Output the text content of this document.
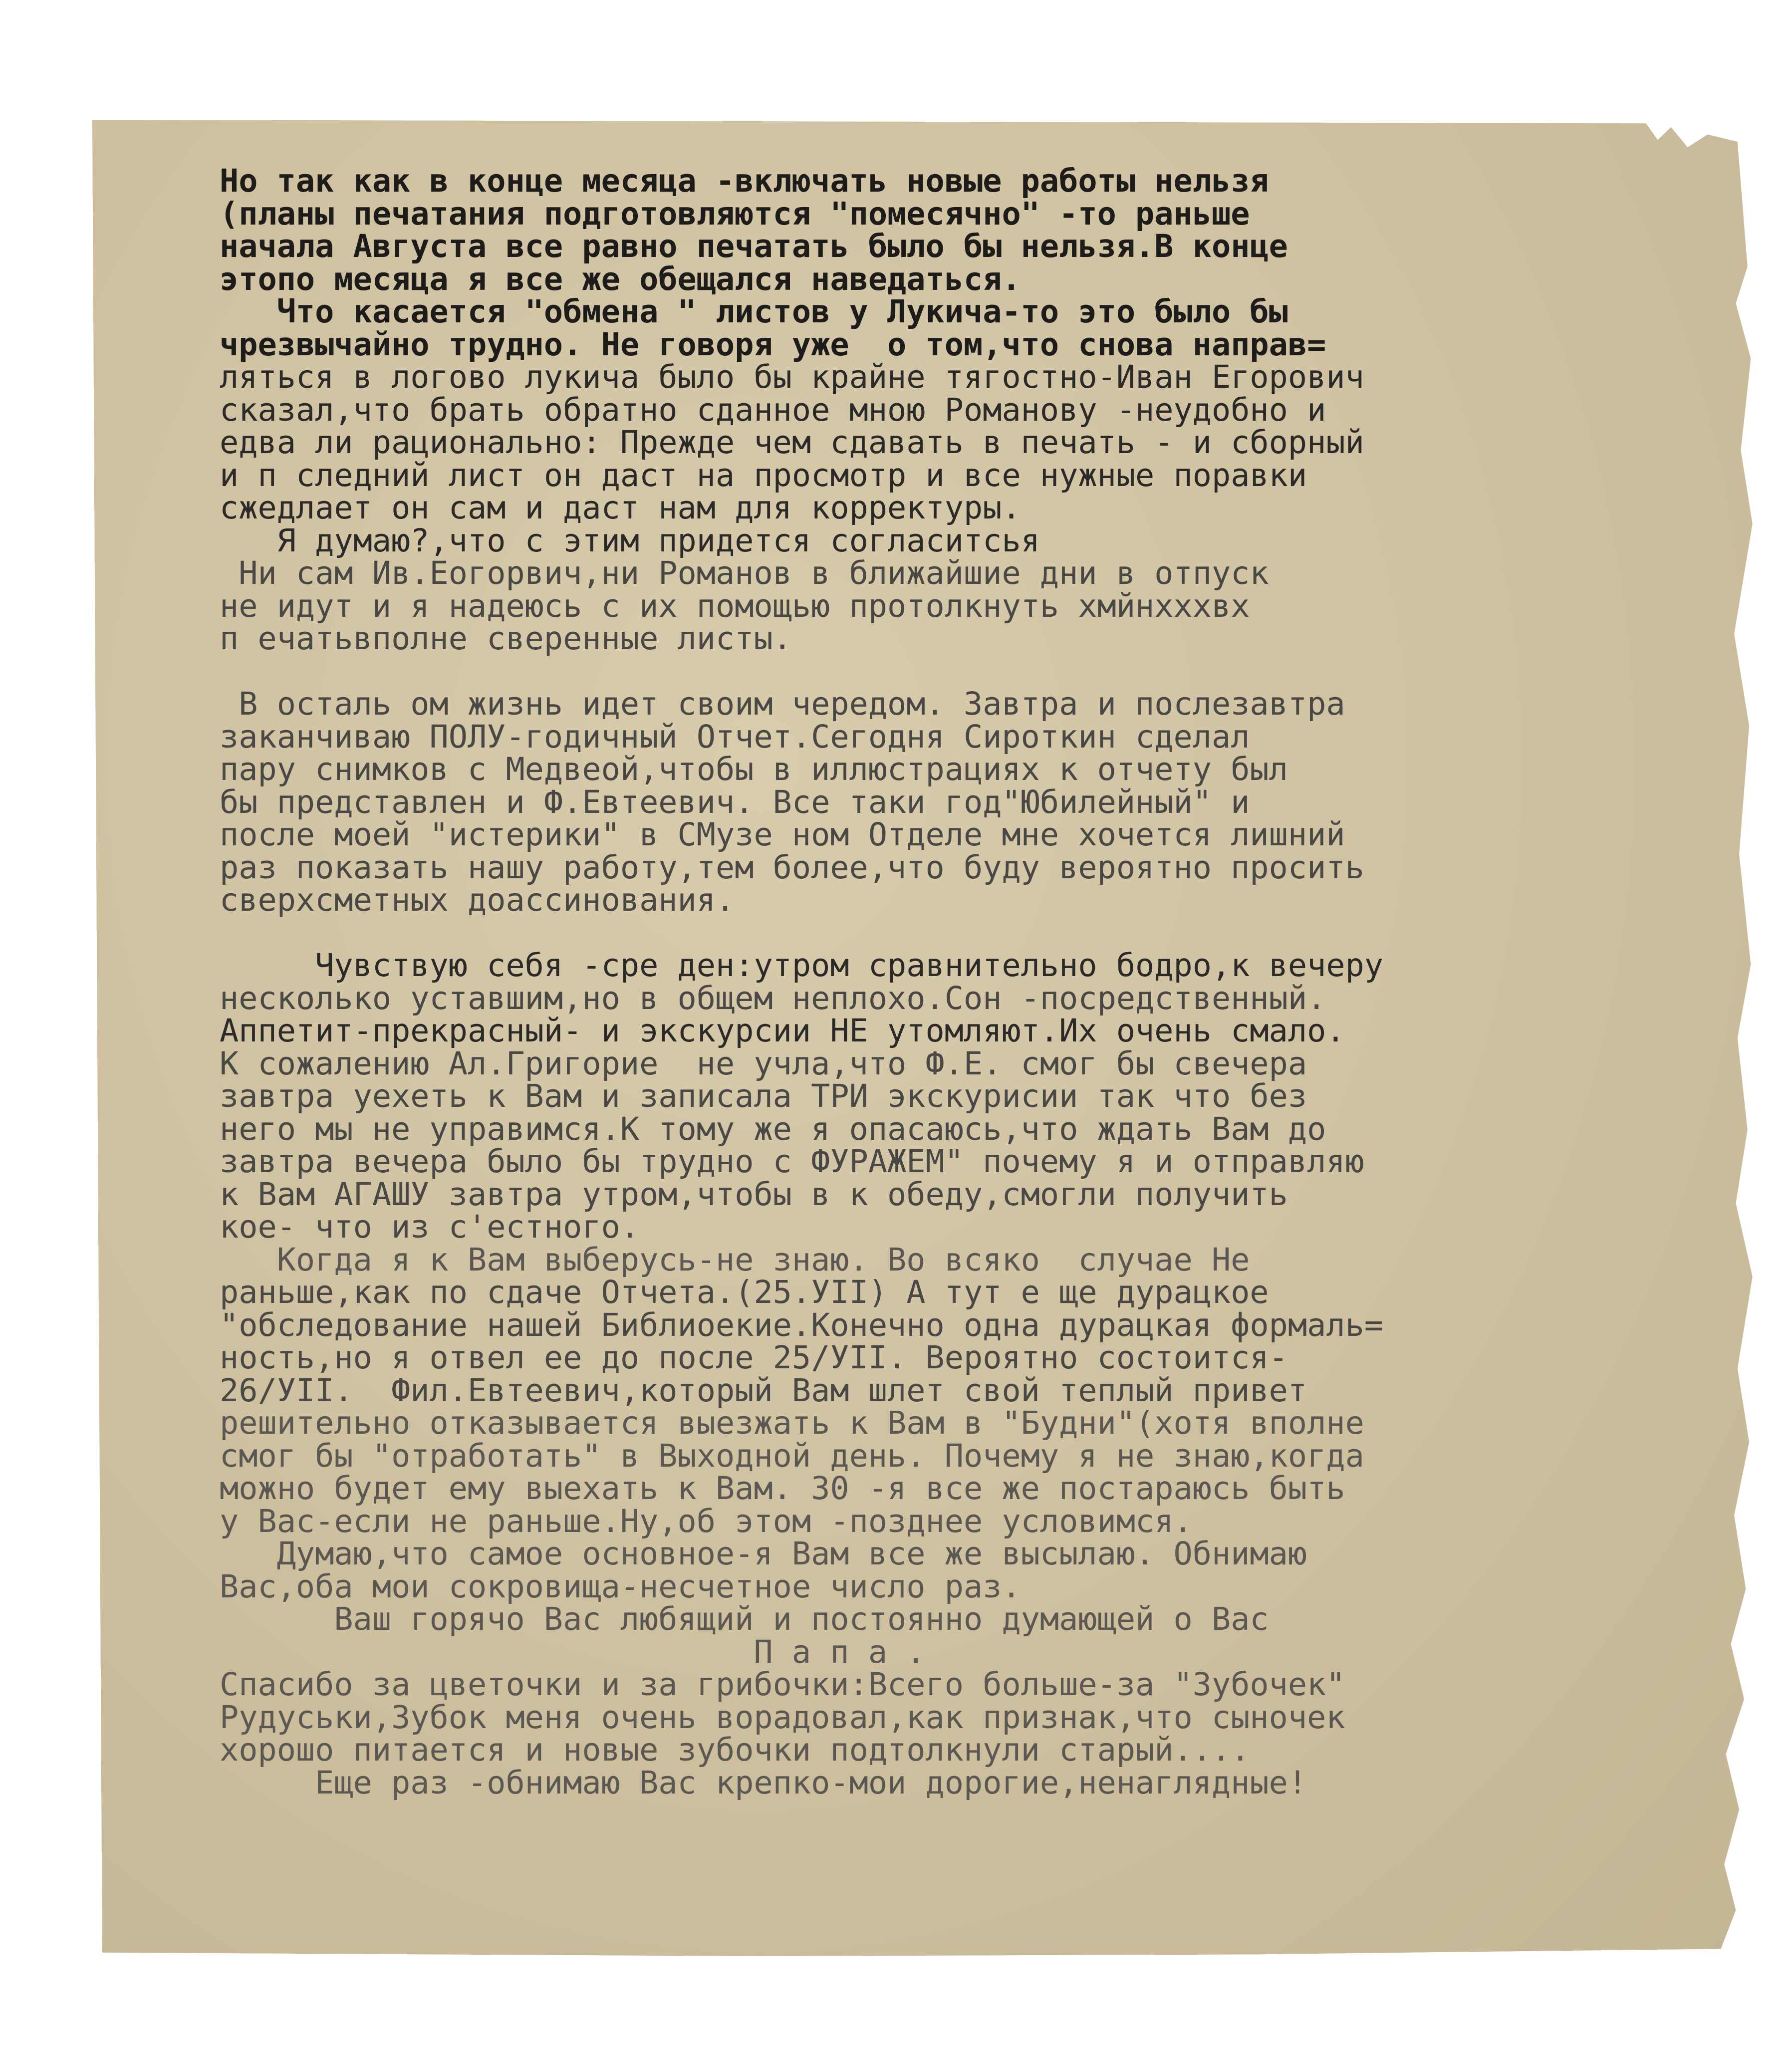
Но так как в конце месяца -включать новые работы нельзя
(планы печатания подготовляются "помесячно" -то раньше
начала Августа все равно печатать было бы нельзя.В конце
этопо месяца я все же обещался наведаться.
Что касается "обмена " листов у Лукича-то это было бы
чрезвычайно трудно. Не говоря уже  о том,что снова направ=
ляться в логово лукича было бы крайне тягостно-Иван Егорович
сказал,что брать обратно сданное мною Романову -неудобно и
едва ли рационально: Прежде чем сдавать в печать - и сборный
и п следний лист он даст на просмотр и все нужные поравки
сжедлает он сам и даст нам для корректуры.
Я думаю?,что с этим придется согласитсья
Ни сам Ив.Еогорвич,ни Романов в ближайшие дни в отпуск
не идут и я надеюсь с их помощью протолкнуть хмйнхххвх
п ечатьвполне сверенные листы.
В осталь ом жизнь идет своим чередом. Завтра и послезавтра
заканчиваю ПОЛУ-годичный Отчет.Сегодня Сироткин сделал
пару снимков с Медвеой,чтобы в иллюстрациях к отчету был
бы представлен и Ф.Евтеевич. Все таки год"Юбилейный" и
после моей "истерики" в СМузе ном Отделе мне хочется лишний
раз показать нашу работу,тем более,что буду вероятно просить
сверхсметных доассинования.
Чувствую себя -сре ден:утром сравнительно бодро,к вечеру
несколько уставшим,но в общем неплохо.Сон -посредственный.
Аппетит-прекрасный- и экскурсии НЕ утомляют.Их очень смало.
К сожалению Ал.Григорие  не учла,что Ф.Е. смог бы свечера
завтра уехеть к Вам и записала ТРИ экскурисии так что без
него мы не управимся.К тому же я опасаюсь,что ждать Вам до
завтра вечера было бы трудно с ФУРАЖЕМ" почему я и отправляю
к Вам АГАШУ завтра утром,чтобы в к обеду,смогли получить
кое- что из с'естного.
Когда я к Вам выберусь-не знаю. Во всяко  случае Не
раньше,как по сдаче Отчета.(25.УII) А тут е ще дурацкое
"обследование нашей Библиоекие.Конечно одна дурацкая формаль=
ность,но я отвел ее до после 25/УII. Вероятно состоится-
26/УII.  Фил.Евтеевич,который Вам шлет свой теплый привет
решительно отказывается выезжать к Вам в "Будни"(хотя вполне
смог бы "отработать" в Выходной день. Почему я не знаю,когда
можно будет ему выехать к Вам. 30 -я все же постараюсь быть
у Вас-если не раньше.Ну,об этом -позднее условимся.
Думаю,что самое основное-я Вам все же высылаю. Обнимаю
Вас,оба мои сокровища-несчетное число раз.
Ваш горячо Вас любящий и постоянно думающей о Вас
П а п а .
Спасибо за цветочки и за грибочки:Всего больше-за "Зубочек"
Рудуськи,Зубок меня очень ворадовал,как признак,что сыночек
хорошо питается и новые зубочки подтолкнули старый....
Еще раз -обнимаю Вас крепко-мои дорогие,ненаглядные!
